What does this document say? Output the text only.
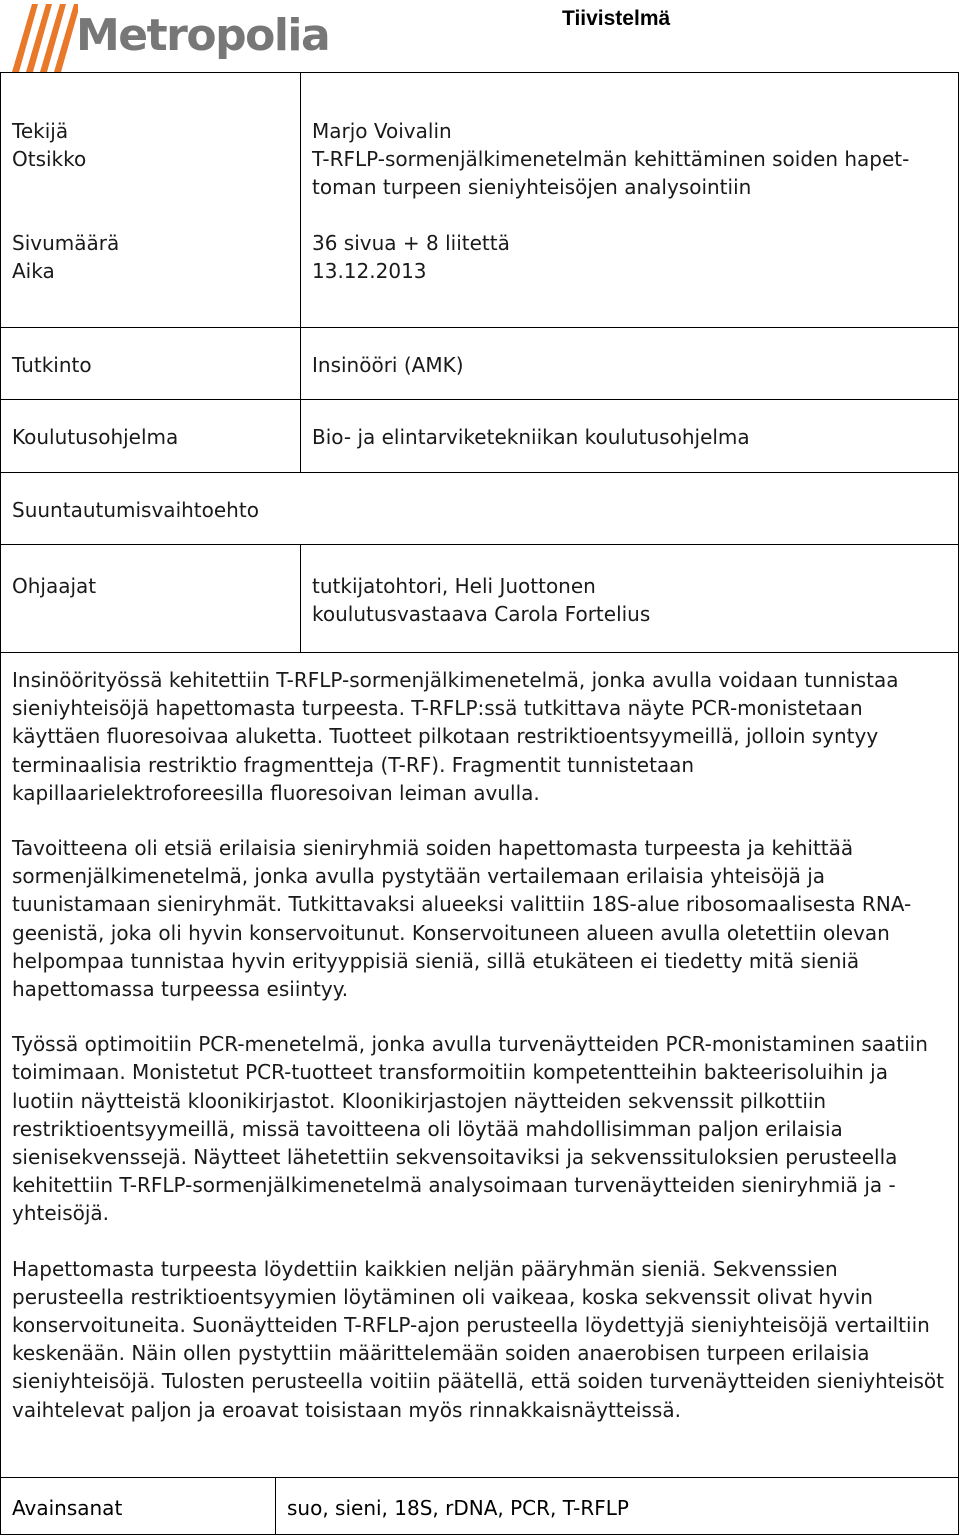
Metropolia	Tiivistelmä
Tekijä	Marjo Voivalin
Otsikko	T-RFLP-sormenjälkimenetelmän kehittäminen soiden hapet-
toman turpeen sieniyhteisöjen analysointiin
Sivumäärä	36 sivua + 8 liitettä
Aika	13.12.2013
Tutkinto	Insinööri (AMK)
Koulutusohjelma	Bio- ja elintarviketekniikan koulutusohjelma
Suuntautumisvaihtoehto
Ohjaajat	tutkijatohtori, Heli Juottonen
koulutusvastaava Carola Fortelius

Insinöörityössä kehitettiin T-RFLP-sormenjälkimenetelmä, jonka avulla voidaan tunnistaa sieniyhteisöjä hapettomasta turpeesta. T-RFLP:ssä tutkittava näyte PCR-monistetaan käyttäen fluoresoivaa aluketta. Tuotteet pilkotaan restriktioentsyymeillä, jolloin syntyy terminaalisia restriktio fragmentteja (T-RF). Fragmentit tunnistetaan kapillaarielektroforeesilla fluoresoivan leiman avulla.

Tavoitteena oli etsiä erilaisia sieniryhmiä soiden hapettomasta turpeesta ja kehittää sormenjälkimenetelmä, jonka avulla pystytään vertailemaan erilaisia yhteisöjä ja tuunistamaan sieniryhmät. Tutkittavaksi alueeksi valittiin 18S-alue ribosomaalisesta RNA-geenistä, joka oli hyvin konservoitunut. Konservoituneen alueen avulla oletettiin olevan helpompaa tunnistaa hyvin erityyppisiä sieniä, sillä etukäteen ei tiedetty mitä sieniä hapettomassa turpeessa esiintyy.

Työssä optimoitiin PCR-menetelmä, jonka avulla turvenäytteiden PCR-monistaminen saatiin toimimaan. Monistetut PCR-tuotteet transformoitiin kompetentteihin bakteerisoluihin ja luotiin näytteistä kloonikirjastot. Kloonikirjastojen näytteiden sekvenssit pilkottiin restriktioentsyymeillä, missä tavoitteena oli löytää mahdollisimman paljon erilaisia sienisekvenssejä. Näytteet lähetettiin sekvensoitaviksi ja sekvenssituloksien perusteella kehitettiin T-RFLP-sormenjälkimenetelmä analysoimaan turvenäytteiden sieniryhmiä ja -yhteisöjä.

Hapettomasta turpeesta löydettiin kaikkien neljän pääryhmän sieniä. Sekvenssien perusteella restriktioentsyymien löytäminen oli vaikeaa, koska sekvenssit olivat hyvin konservoituneita. Suonäytteiden T-RFLP-ajon perusteella löydettyjä sieniyhteisöjä vertailtiin keskenään. Näin ollen pystyttiin määrittelemään soiden anaerobisen turpeen erilaisia sieniyhteisöjä. Tulosten perusteella voitiin päätellä, että soiden turvenäytteiden sieniyhteisöt vaihtelevat paljon ja eroavat toisistaan myös rinnakkaisnäytteissä.

Avainsanat	suo, sieni, 18S, rDNA, PCR, T-RFLP
